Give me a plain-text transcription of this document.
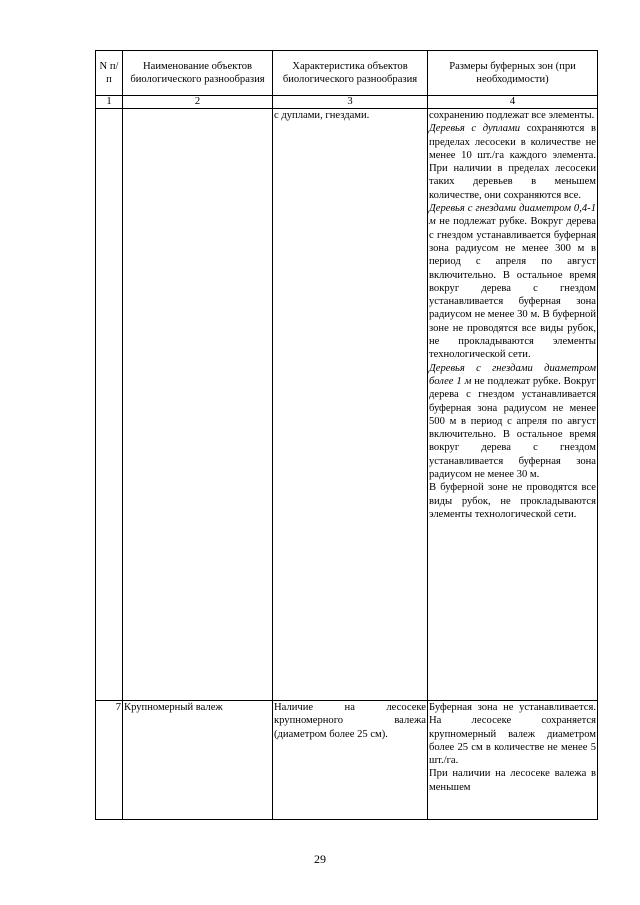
N п/п	Наименование объектов биологического разнообразия	Характеристика объектов биологического разнообразия	Размеры буферных зон (при необходимости)
1	2	3	4
		с дуплами, гнездами.	сохранению подлежат все элементы.

Деревья с дуплами сохраняются в пределах лесосеки в количестве не менее 10 шт./га каждого элемента. При наличии в пределах лесосеки таких деревьев в меньшем количестве, они сохраняются все.

Деревья с гнездами диаметром 0,4-1 м не подлежат рубке. Вокруг дерева с гнездом устанавливается буферная зона радиусом не менее 300 м в период с апреля по август включительно. В остальное время вокруг дерева с гнездом устанавливается буферная зона радиусом не менее 30 м. В буферной зоне не проводятся все виды рубок, не прокладываются элементы технологической сети.

Деревья с гнездами диаметром более 1 м не подлежат рубке. Вокруг дерева с гнездом устанавливается буферная зона радиусом не менее 500 м в период с апреля по август включительно. В остальное время вокруг дерева с гнездом устанавливается буферная зона радиусом не менее 30 м.

В буферной зоне не проводятся все виды рубок, не прокладываются элементы технологической сети.

7	Крупномерный валеж	Наличие на лесосеке крупномерного валежа (диаметром более 25 см).	Буферная зона не устанавливается. На лесосеке сохраняется крупномерный валеж диаметром более 25 см в количестве не менее 5 шт./га.

При наличии на лесосеке валежа в меньшем

29
